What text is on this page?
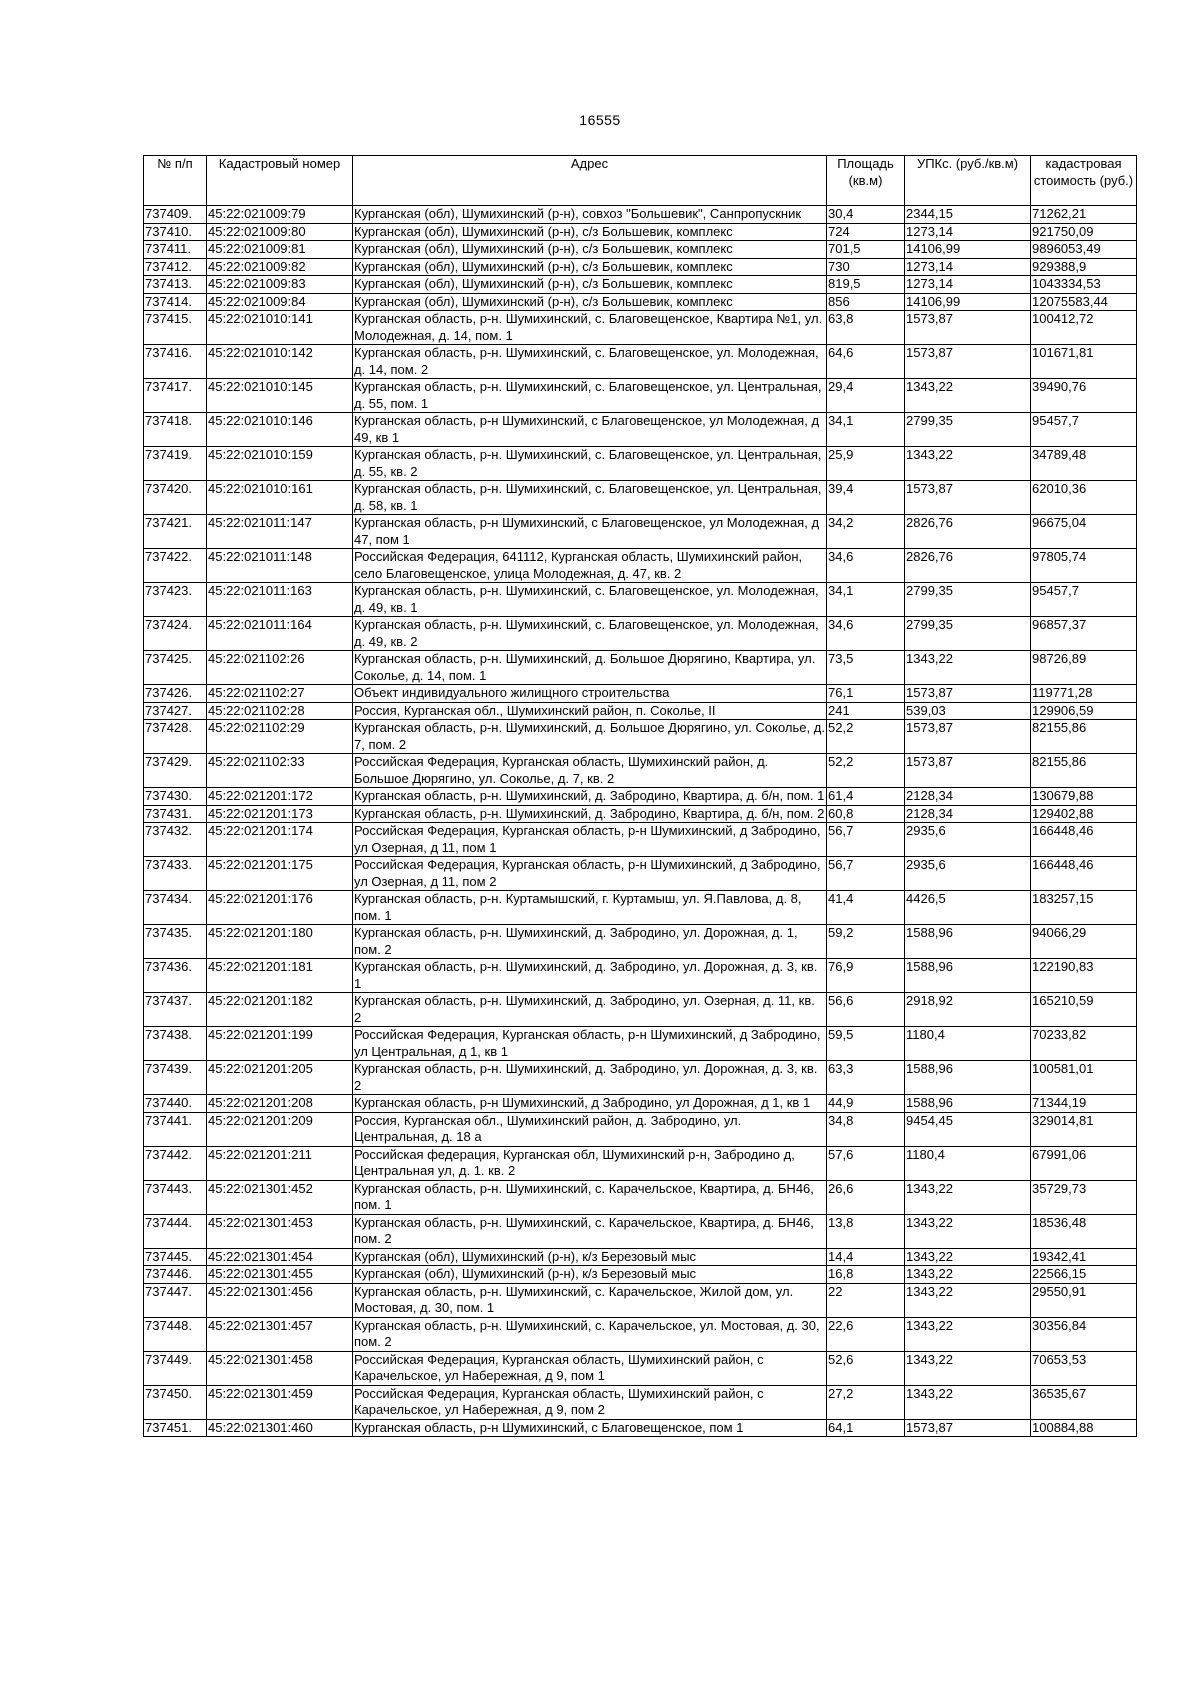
16555
№ п/п	Кадастровый номер	Адрес	Площадь (кв.м)	УПКс. (руб./кв.м)	кадастровая стоимость (руб.)
737409.	45:22:021009:79	Курганская (обл), Шумихинский (р-н), совхоз "Большевик", Санпропускник	30,4	2344,15	71262,21
737410.	45:22:021009:80	Курганская (обл), Шумихинский (р-н), с/з Большевик, комплекс	724	1273,14	921750,09
737411.	45:22:021009:81	Курганская (обл), Шумихинский (р-н), с/з Большевик, комплекс	701,5	14106,99	9896053,49
737412.	45:22:021009:82	Курганская (обл), Шумихинский (р-н), с/з Большевик, комплекс	730	1273,14	929388,9
737413.	45:22:021009:83	Курганская (обл), Шумихинский (р-н), с/з Большевик, комплекс	819,5	1273,14	1043334,53
737414.	45:22:021009:84	Курганская (обл), Шумихинский (р-н), с/з Большевик, комплекс	856	14106,99	12075583,44
737415.	45:22:021010:141	Курганская область, р-н. Шумихинский, с. Благовещенское, Квартира №1, ул. Молодежная, д. 14, пом. 1	63,8	1573,87	100412,72
737416.	45:22:021010:142	Курганская область, р-н. Шумихинский, с. Благовещенское, ул. Молодежная, д. 14, пом. 2	64,6	1573,87	101671,81
737417.	45:22:021010:145	Курганская область, р-н. Шумихинский, с. Благовещенское, ул. Центральная, д. 55, пом. 1	29,4	1343,22	39490,76
737418.	45:22:021010:146	Курганская область, р-н Шумихинский, с Благовещенское, ул Молодежная, д 49, кв 1	34,1	2799,35	95457,7
737419.	45:22:021010:159	Курганская область, р-н. Шумихинский, с. Благовещенское, ул. Центральная, д. 55, кв. 2	25,9	1343,22	34789,48
737420.	45:22:021010:161	Курганская область, р-н. Шумихинский, с. Благовещенское, ул. Центральная, д. 58, кв. 1	39,4	1573,87	62010,36
737421.	45:22:021011:147	Курганская область, р-н Шумихинский, с Благовещенское, ул Молодежная, д 47, пом 1	34,2	2826,76	96675,04
737422.	45:22:021011:148	Российская Федерация, 641112, Курганская область, Шумихинский район, село Благовещенское, улица Молодежная, д. 47, кв. 2	34,6	2826,76	97805,74
737423.	45:22:021011:163	Курганская область, р-н. Шумихинский, с. Благовещенское, ул. Молодежная, д. 49, кв. 1	34,1	2799,35	95457,7
737424.	45:22:021011:164	Курганская область, р-н. Шумихинский, с. Благовещенское, ул. Молодежная, д. 49, кв. 2	34,6	2799,35	96857,37
737425.	45:22:021102:26	Курганская область, р-н. Шумихинский, д. Большое Дюрягино, Квартира, ул. Соколье, д. 14, пом. 1	73,5	1343,22	98726,89
737426.	45:22:021102:27	Объект индивидуального жилищного строительства	76,1	1573,87	119771,28
737427.	45:22:021102:28	Россия, Курганская обл., Шумихинский район, п. Соколье, II	241	539,03	129906,59
737428.	45:22:021102:29	Курганская область, р-н. Шумихинский, д. Большое Дюрягино, ул. Соколье, д. 7, пом. 2	52,2	1573,87	82155,86
737429.	45:22:021102:33	Российская Федерация, Курганская область, Шумихинский район, д. Большое Дюрягино, ул. Соколье, д. 7, кв. 2	52,2	1573,87	82155,86
737430.	45:22:021201:172	Курганская область, р-н. Шумихинский, д. Забродино, Квартира, д. б/н, пом. 1	61,4	2128,34	130679,88
737431.	45:22:021201:173	Курганская область, р-н. Шумихинский, д. Забродино, Квартира, д. б/н, пом. 2	60,8	2128,34	129402,88
737432.	45:22:021201:174	Российская Федерация, Курганская область, р-н Шумихинский, д Забродино, ул Озерная, д 11, пом 1	56,7	2935,6	166448,46
737433.	45:22:021201:175	Российская Федерация, Курганская область, р-н Шумихинский, д Забродино, ул Озерная, д 11, пом 2	56,7	2935,6	166448,46
737434.	45:22:021201:176	Курганская область, р-н. Куртамышский, г. Куртамыш, ул. Я.Павлова, д. 8, пом. 1	41,4	4426,5	183257,15
737435.	45:22:021201:180	Курганская область, р-н. Шумихинский, д. Забродино, ул. Дорожная, д. 1, пом. 2	59,2	1588,96	94066,29
737436.	45:22:021201:181	Курганская область, р-н. Шумихинский, д. Забродино, ул. Дорожная, д. 3, кв. 1	76,9	1588,96	122190,83
737437.	45:22:021201:182	Курганская область, р-н. Шумихинский, д. Забродино, ул. Озерная, д. 11, кв. 2	56,6	2918,92	165210,59
737438.	45:22:021201:199	Российская Федерация, Курганская область, р-н Шумихинский, д Забродино, ул Центральная, д 1, кв 1	59,5	1180,4	70233,82
737439.	45:22:021201:205	Курганская область, р-н. Шумихинский, д. Забродино, ул. Дорожная, д. 3, кв. 2	63,3	1588,96	100581,01
737440.	45:22:021201:208	Курганская область, р-н Шумихинский, д Забродино, ул Дорожная, д 1, кв 1	44,9	1588,96	71344,19
737441.	45:22:021201:209	Россия, Курганская обл., Шумихинский район, д. Забродино, ул. Центральная, д. 18 а	34,8	9454,45	329014,81
737442.	45:22:021201:211	Российская федерация, Курганская обл, Шумихинский р-н, Забродино д, Центральная ул, д. 1. кв. 2	57,6	1180,4	67991,06
737443.	45:22:021301:452	Курганская область, р-н. Шумихинский, с. Карачельское, Квартира, д. БН46, пом. 1	26,6	1343,22	35729,73
737444.	45:22:021301:453	Курганская область, р-н. Шумихинский, с. Карачельское, Квартира, д. БН46, пом. 2	13,8	1343,22	18536,48
737445.	45:22:021301:454	Курганская (обл), Шумихинский (р-н), к/з Березовый мыс	14,4	1343,22	19342,41
737446.	45:22:021301:455	Курганская (обл), Шумихинский (р-н), к/з Березовый мыс	16,8	1343,22	22566,15
737447.	45:22:021301:456	Курганская область, р-н. Шумихинский, с. Карачельское, Жилой дом, ул. Мостовая, д. 30, пом. 1	22	1343,22	29550,91
737448.	45:22:021301:457	Курганская область, р-н. Шумихинский, с. Карачельское, ул. Мостовая, д. 30, пом. 2	22,6	1343,22	30356,84
737449.	45:22:021301:458	Российская Федерация, Курганская область, Шумихинский район, с Карачельское, ул Набережная, д 9, пом 1	52,6	1343,22	70653,53
737450.	45:22:021301:459	Российская Федерация, Курганская область, Шумихинский район, с Карачельское, ул Набережная, д 9, пом 2	27,2	1343,22	36535,67
737451.	45:22:021301:460	Курганская область, р-н Шумихинский, с Благовещенское, пом 1	64,1	1573,87	100884,88
